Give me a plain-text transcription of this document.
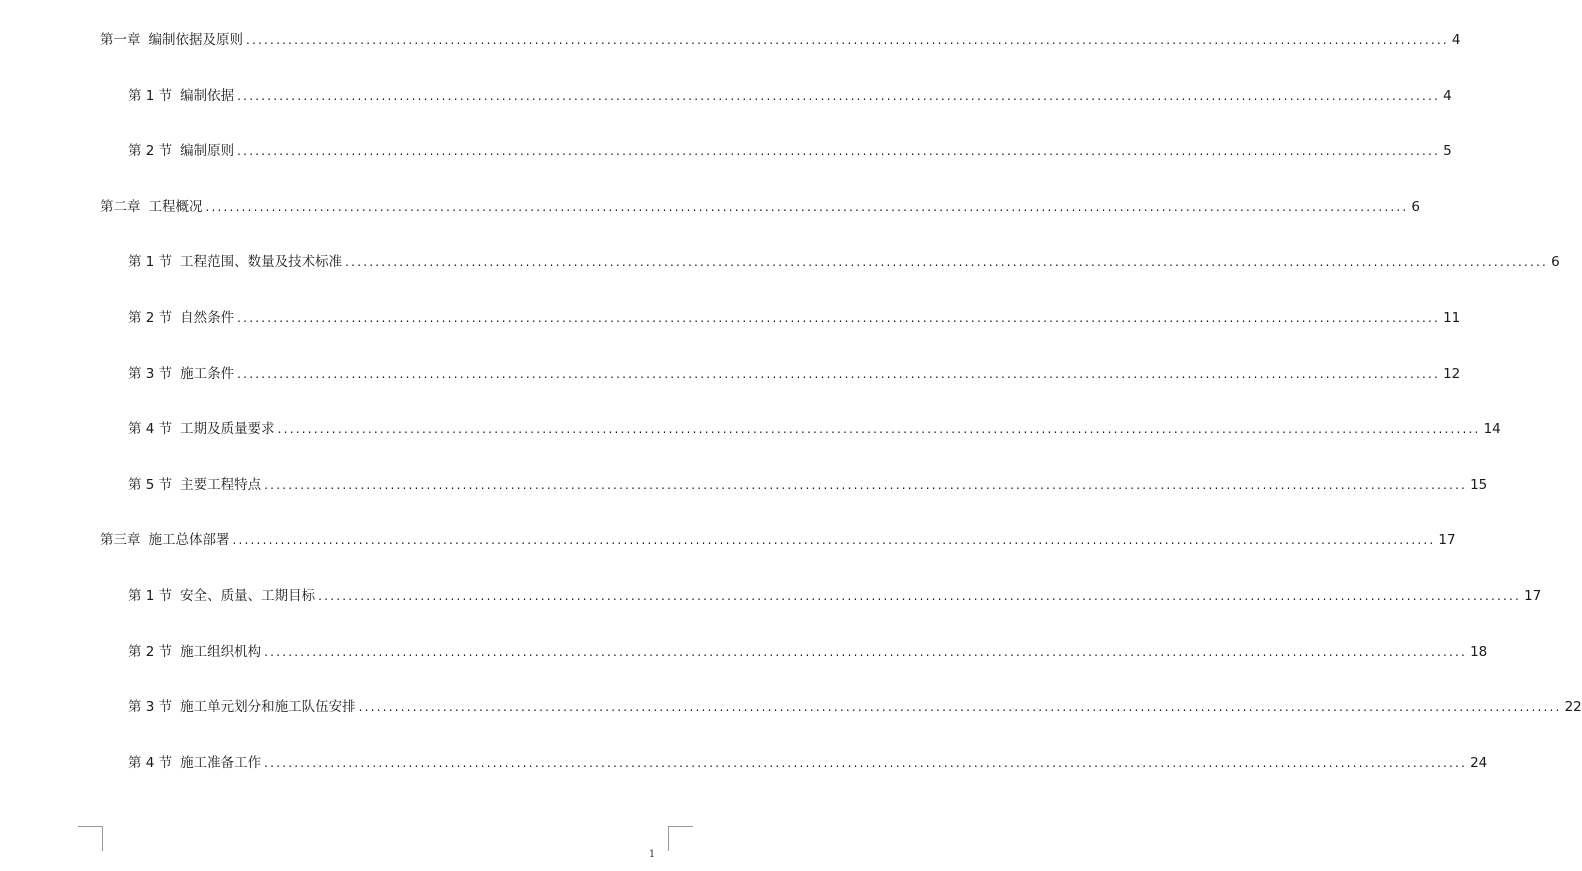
第一章 编制依据及原则 ........................................................................................................................................................................................................ 4
第 1 节 编制依据 ........................................................................................................................................................................................................ 4
第 2 节 编制原则 ........................................................................................................................................................................................................ 5
第二章 工程概况 ........................................................................................................................................................................................................ 6
第 1 节 工程范围、数量及技术标准 ........................................................................................................................................................................................................ 6
第 2 节 自然条件 ........................................................................................................................................................................................................ 11
第 3 节 施工条件 ........................................................................................................................................................................................................ 12
第 4 节 工期及质量要求 ........................................................................................................................................................................................................ 14
第 5 节 主要工程特点 ........................................................................................................................................................................................................ 15
第三章 施工总体部署 ........................................................................................................................................................................................................ 17
第 1 节 安全、质量、工期目标 ........................................................................................................................................................................................................ 17
第 2 节 施工组织机构 ........................................................................................................................................................................................................ 18
第 3 节 施工单元划分和施工队伍安排 ........................................................................................................................................................................................................ 22
第 4 节 施工准备工作 ........................................................................................................................................................................................................ 24
1
